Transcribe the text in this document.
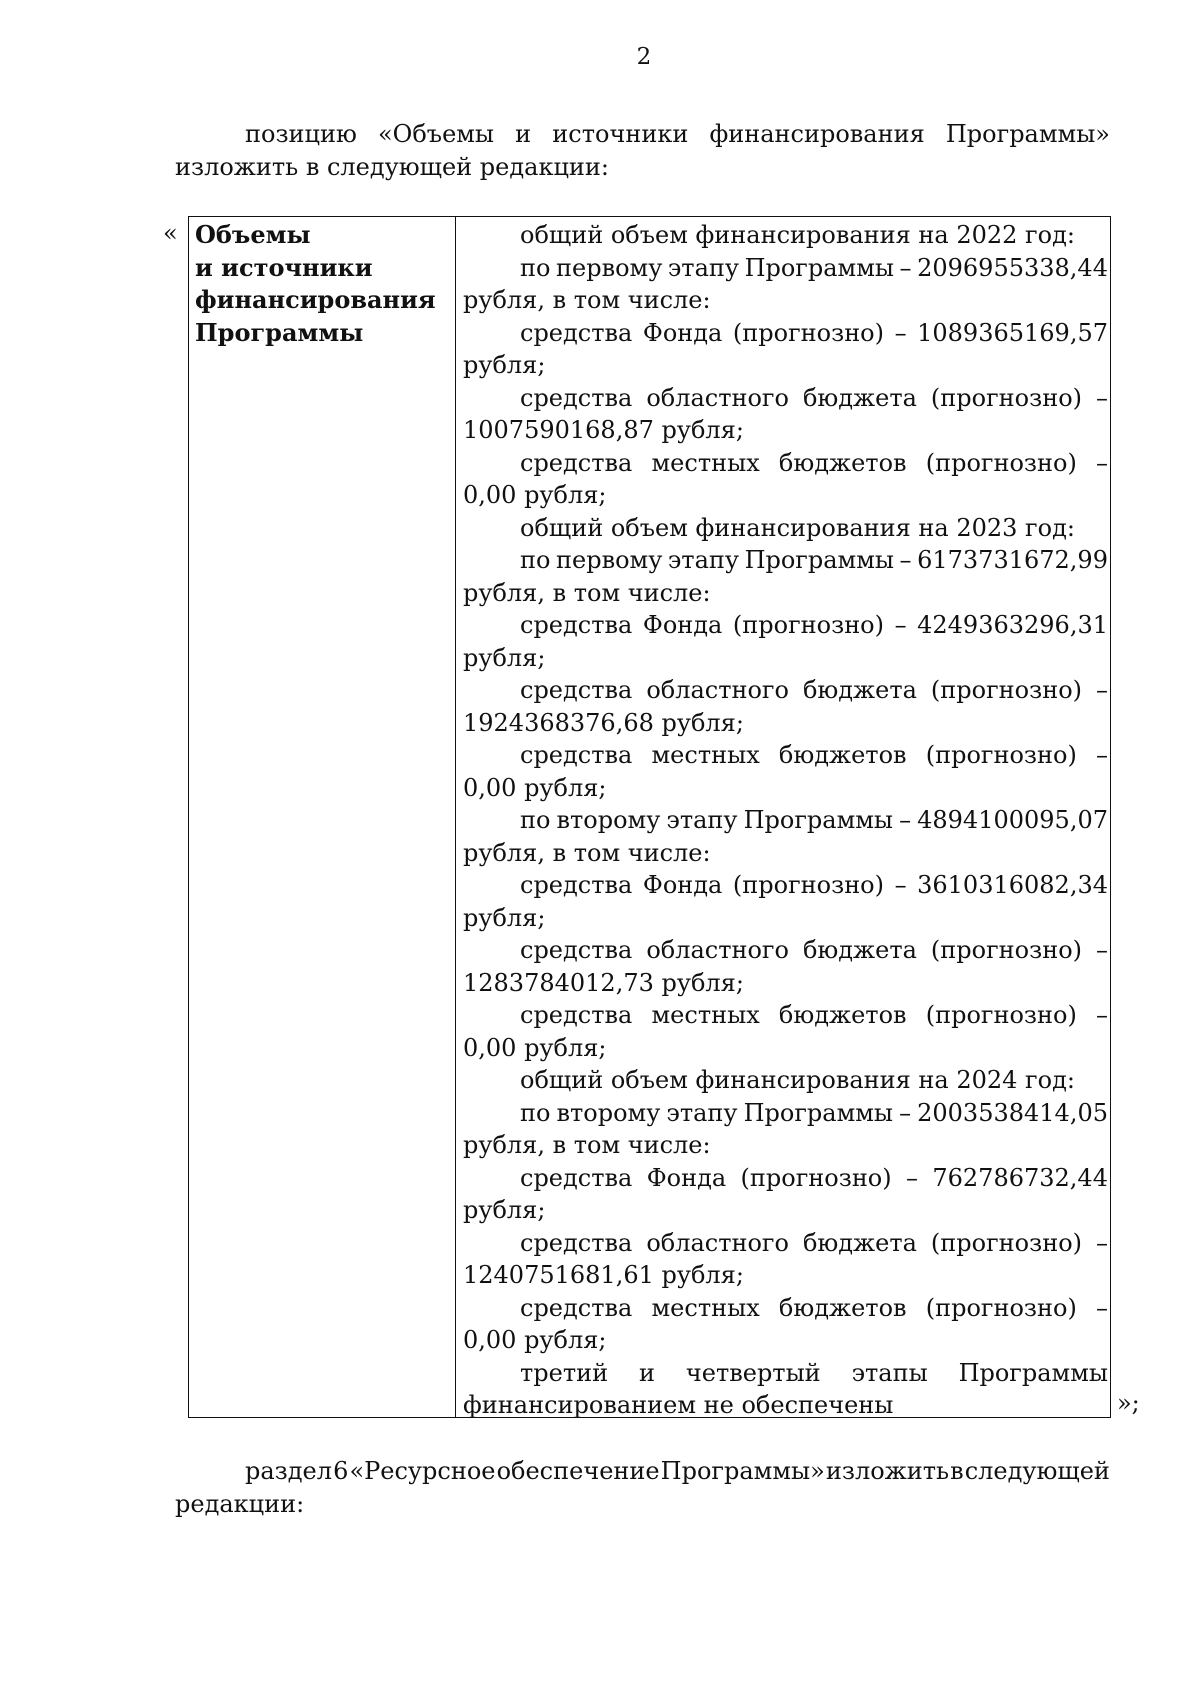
2
позицию «Объемы и источники финансирования Программы»
изложить в следующей редакции:
« Объемы
и источники
финансирования
Программы
общий объем финансирования на 2022 год:
по первому этапу Программы – 2096955338,44
рубля, в том числе:
средства Фонда (прогнозно) – 1089365169,57
рубля;
средства областного бюджета (прогнозно) –
1007590168,87 рубля;
средства местных бюджетов (прогнозно) –
0,00 рубля;
общий объем финансирования на 2023 год:
по первому этапу Программы – 6173731672,99
рубля, в том числе:
средства Фонда (прогнозно) – 4249363296,31
рубля;
средства областного бюджета (прогнозно) –
1924368376,68 рубля;
средства местных бюджетов (прогнозно) –
0,00 рубля;
по второму этапу Программы – 4894100095,07
рубля, в том числе:
средства Фонда (прогнозно) – 3610316082,34
рубля;
средства областного бюджета (прогнозно) –
1283784012,73 рубля;
средства местных бюджетов (прогнозно) –
0,00 рубля;
общий объем финансирования на 2024 год:
по второму этапу Программы – 2003538414,05
рубля, в том числе:
средства Фонда (прогнозно) – 762786732,44
рубля;
средства областного бюджета (прогнозно) –
1240751681,61 рубля;
средства местных бюджетов (прогнозно) –
0,00 рубля;
третий и четвертый этапы Программы
финансированием не обеспечены	»;
раздел 6 «Ресурсное обеспечение Программы» изложить в следующей
редакции:
